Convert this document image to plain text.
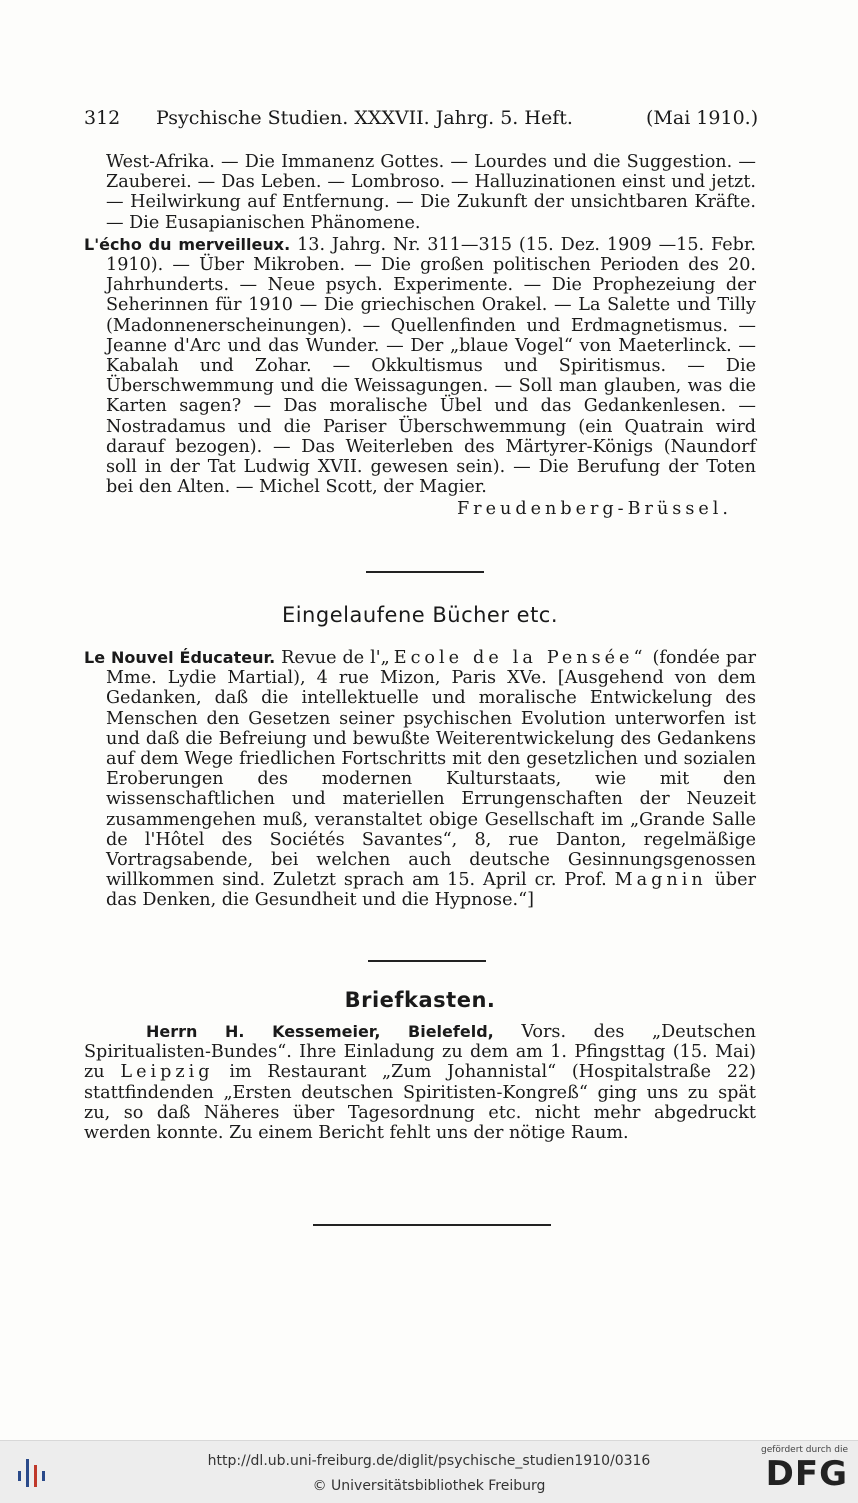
312 Psychische Studien. XXXVII. Jahrg. 5. Heft.	(Mai 1910.)

West-Afrika. — Die Immanenz Gottes. — Lourdes und die Suggestion. — Zauberei. — Das Leben. — Lombroso. — Halluzinationen einst und jetzt. — Heilwirkung auf Entfernung. — Die Zukunft der unsichtbaren Kräfte. — Die Eusapianischen Phänomene.

L'écho du merveilleux. 13. Jahrg. Nr. 311—315 (15. Dez. 1909 —15. Febr. 1910). — Über Mikroben. — Die großen politischen Perioden des 20. Jahrhunderts. — Neue psych. Experimente. — Die Prophezeiung der Seherinnen für 1910 — Die griechischen Orakel. — La Salette und Tilly (Madonnenerscheinungen). — Quellenfinden und Erdmagnetismus. — Jeanne d'Arc und das Wunder. — Der „blaue Vogel“ von Maeterlinck. — Kabalah und Zohar. — Okkultismus und Spiritismus. — Die Überschwemmung und die Weissagungen. — Soll man glauben, was die Karten sagen? — Das moralische Übel und das Gedankenlesen. — Nostradamus und die Pariser Überschwemmung (ein Quatrain wird darauf bezogen). — Das Weiterleben des Märtyrer-Königs (Naundorf soll in der Tat Ludwig XVII. gewesen sein). — Die Berufung der Toten bei den Alten. — Michel Scott, der Magier.

Freudenberg-Brüssel.

Eingelaufene Bücher etc.

Le Nouvel Éducateur. Revue de l'„Ecole de la Pensée“ (fondée par Mme. Lydie Martial), 4 rue Mizon, Paris XVe. [Ausgehend von dem Gedanken, daß die intellektuelle und moralische Entwickelung des Menschen den Gesetzen seiner psychischen Evolution unterworfen ist und daß die Befreiung und bewußte Weiterentwickelung des Gedankens auf dem Wege friedlichen Fortschritts mit den gesetzlichen und sozialen Eroberungen des modernen Kulturstaats, wie mit den wissenschaftlichen und materiellen Errungenschaften der Neuzeit zusammengehen muß, veranstaltet obige Gesellschaft im „Grande Salle de l'Hôtel des Sociétés Savantes“, 8, rue Danton, regelmäßige Vortragsabende, bei welchen auch deutsche Gesinnungsgenossen willkommen sind. Zuletzt sprach am 15. April cr. Prof. Magnin über das Denken, die Gesundheit und die Hypnose.“]

Briefkasten.

Herrn H. Kessemeier, Bielefeld, Vors. des „Deutschen Spiritualisten-Bundes“. Ihre Einladung zu dem am 1. Pfingsttag (15. Mai) zu Leipzig im Restaurant „Zum Johannistal“ (Hospitalstraße 22) stattfindenden „Ersten deutschen Spiritisten-Kongreß“ ging uns zu spät zu, so daß Näheres über Tagesordnung etc. nicht mehr abgedruckt werden konnte. Zu einem Bericht fehlt uns der nötige Raum.

http://dl.ub.uni-freiburg.de/diglit/psychische_studien1910/0316
© Universitätsbibliothek Freiburg
gefördert durch die
DFG
